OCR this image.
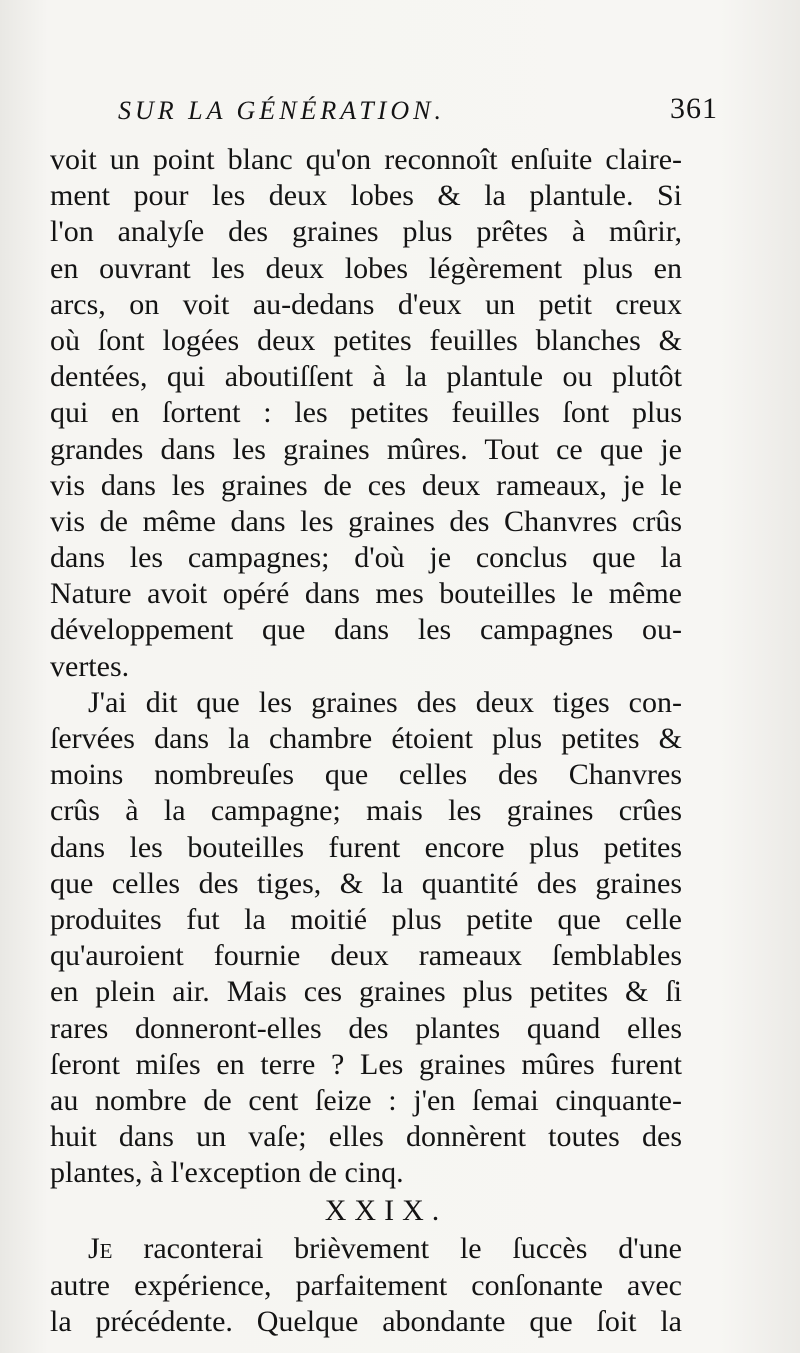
SUR LA GÉNÉRATION.	361
voit un point blanc qu'on reconnoît enſuite claire-
ment pour les deux lobes & la plantule. Si
l'on analyſe des graines plus prêtes à mûrir,
en ouvrant les deux lobes légèrement plus en
arcs, on voit au-dedans d'eux un petit creux
où ſont logées deux petites feuilles blanches &
dentées, qui aboutiſſent à la plantule ou plutôt
qui en ſortent : les petites feuilles ſont plus
grandes dans les graines mûres. Tout ce que je
vis dans les graines de ces deux rameaux, je le
vis de même dans les graines des Chanvres crûs
dans les campagnes; d'où je conclus que la
Nature avoit opéré dans mes bouteilles le même
développement que dans les campagnes ou-
vertes.
J'ai dit que les graines des deux tiges con-
ſervées dans la chambre étoient plus petites &
moins nombreuſes que celles des Chanvres
crûs à la campagne; mais les graines crûes
dans les bouteilles furent encore plus petites
que celles des tiges, & la quantité des graines
produites fut la moitié plus petite que celle
qu'auroient fournie deux rameaux ſemblables
en plein air. Mais ces graines plus petites & ſi
rares donneront-elles des plantes quand elles
ſeront miſes en terre ? Les graines mûres furent
au nombre de cent ſeize : j'en ſemai cinquante-
huit dans un vaſe; elles donnèrent toutes des
plantes, à l'exception de cinq.
XXIX.
Je raconterai brièvement le ſuccès d'une
autre expérience, parfaitement conſonante avec
la précédente. Quelque abondante que ſoit la
